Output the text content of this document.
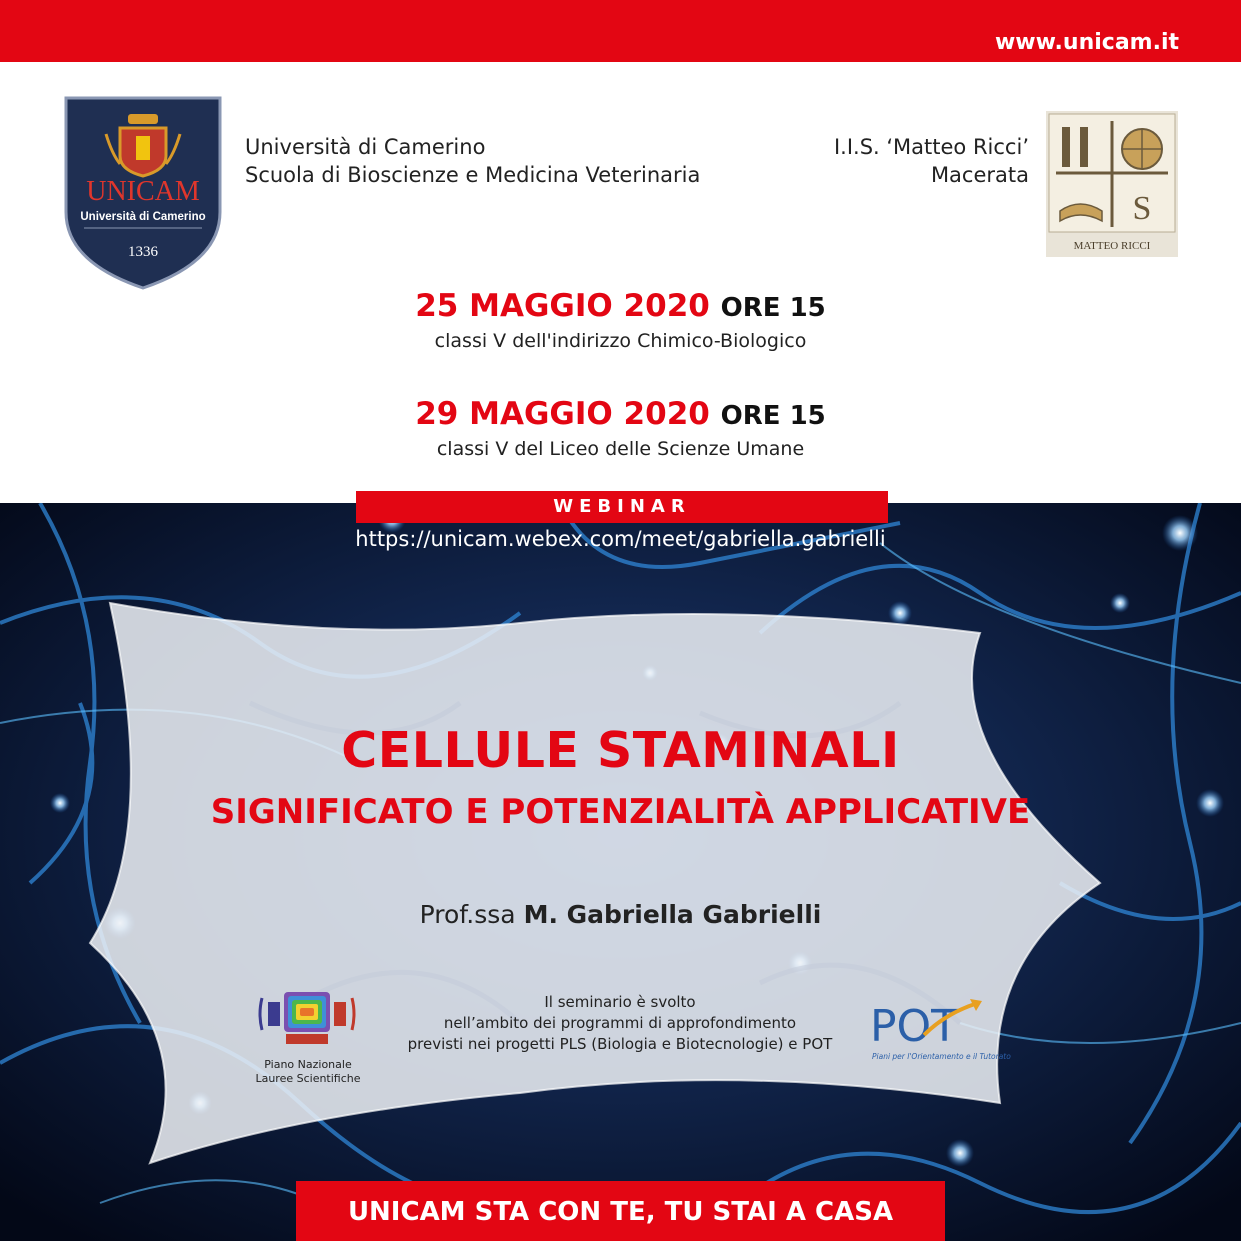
www.unicam.it
UNICAM
Università di Camerino
1336
Università di Camerino
Scuola di Bioscienze e Medicina Veterinaria
I.I.S. ‘Matteo Ricci’
Macerata
S
MATTEO RICCI
25 MAGGIO 2020 ORE 15
classi V dell'indirizzo Chimico-Biologico
29 MAGGIO 2020 ORE 15
classi V del Liceo delle Scienze Umane
WEBINAR
https://unicam.webex.com/meet/gabriella.gabrielli
CELLULE STAMINALI
SIGNIFICATO E POTENZIALITÀ APPLICATIVE
Prof.ssa M. Gabriella Gabrielli
Piano Nazionale
Lauree Scientifiche
Il seminario è svolto
nell’ambito dei programmi di approfondimento
previsti nei progetti PLS (Biologia e Biotecnologie) e POT POT
Piani per l'Orientamento e il Tutorato
UNICAM STA CON TE, TU STAI A CASA
